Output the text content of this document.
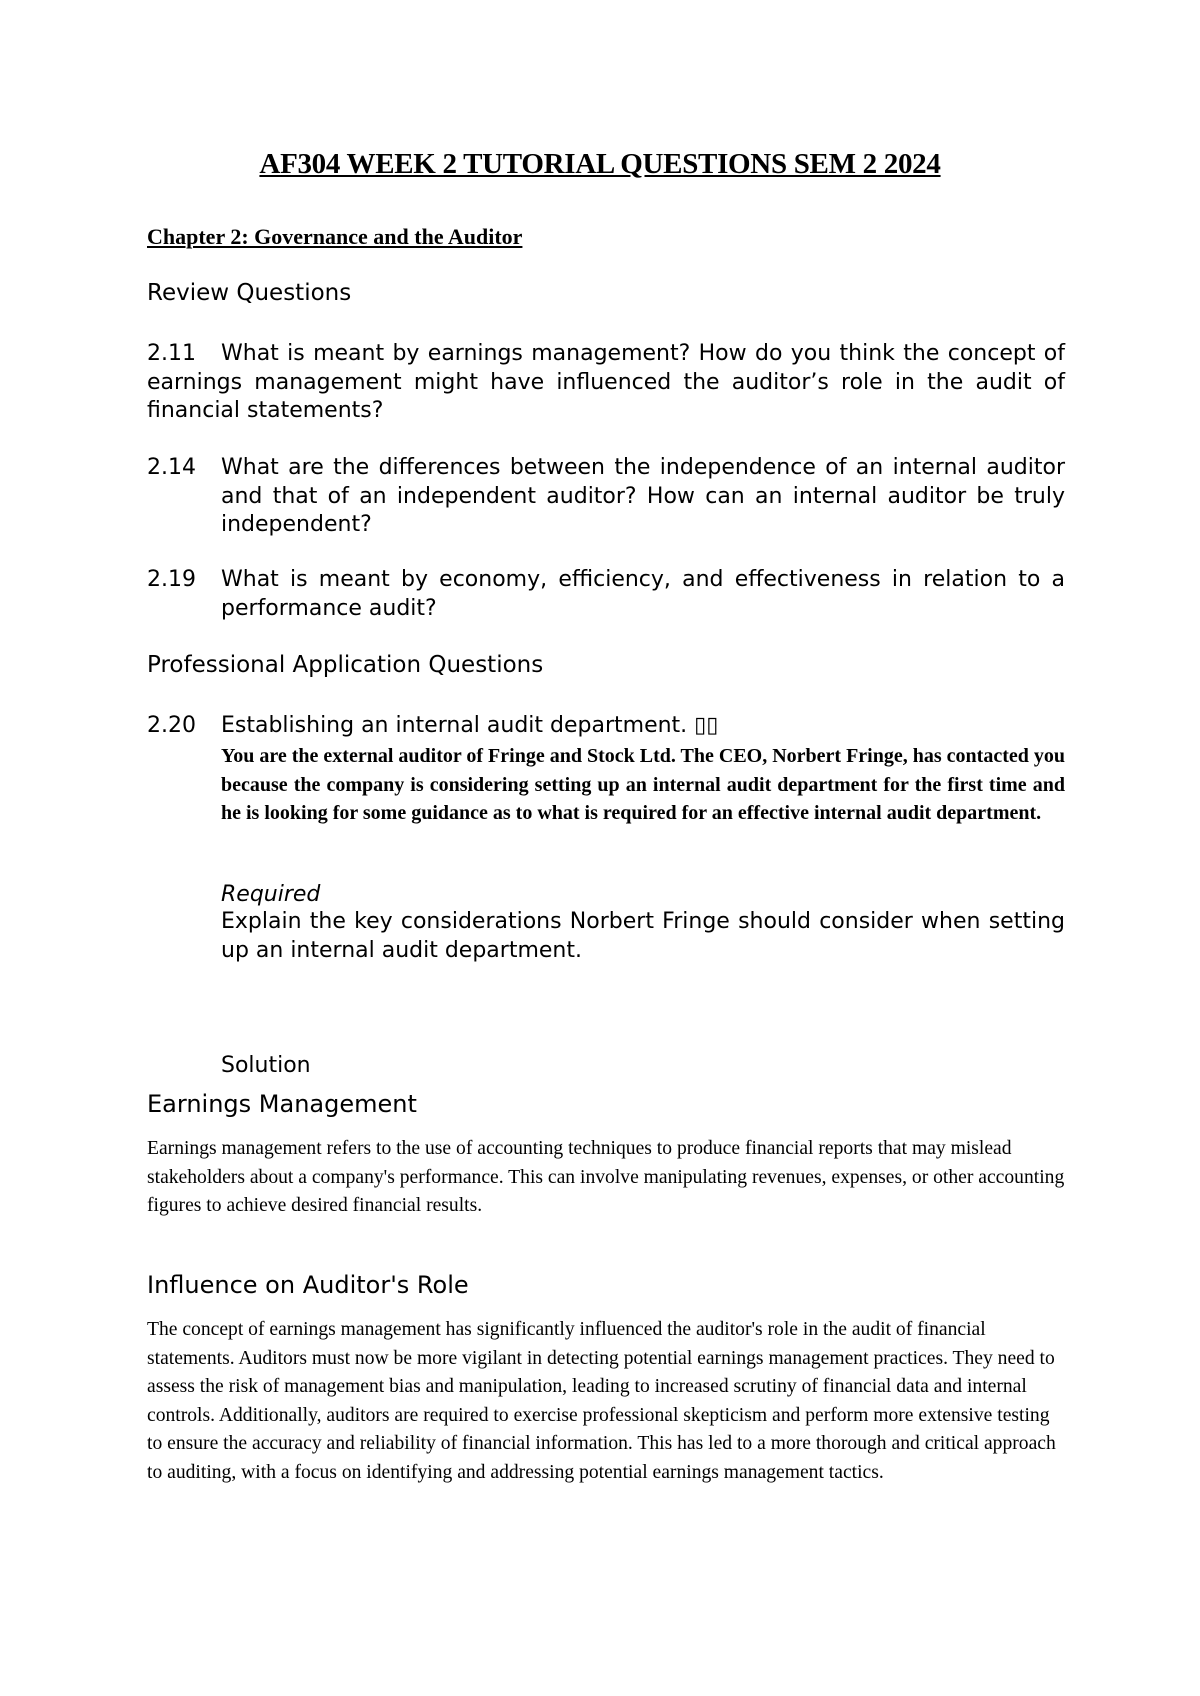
AF304 WEEK 2 TUTORIAL QUESTIONS SEM 2 2024
Chapter 2: Governance and the Auditor
Review Questions
2.11 What is meant by earnings management? How do you think the concept of earnings management might have influenced the auditor’s role in the audit of financial statements?
2.14 What are the differences between the independence of an internal auditor and that of an independent auditor? How can an internal auditor be truly independent?
2.19 What is meant by economy, efficiency, and effectiveness in relation to a performance audit?
Professional Application Questions
2.20 Establishing an internal audit department. ▯▯
You are the external auditor of Fringe and Stock Ltd. The CEO, Norbert Fringe, has contacted you because the company is considering setting up an internal audit department for the first time and he is looking for some guidance as to what is required for an effective internal audit department.
Required
Explain the key considerations Norbert Fringe should consider when setting up an internal audit department.
Solution
Earnings Management
Earnings management refers to the use of accounting techniques to produce financial reports that may mislead stakeholders about a company's performance. This can involve manipulating revenues, expenses, or other accounting figures to achieve desired financial results.
Influence on Auditor's Role
The concept of earnings management has significantly influenced the auditor's role in the audit of financial statements. Auditors must now be more vigilant in detecting potential earnings management practices. They need to assess the risk of management bias and manipulation, leading to increased scrutiny of financial data and internal controls. Additionally, auditors are required to exercise professional skepticism and perform more extensive testing to ensure the accuracy and reliability of financial information. This has led to a more thorough and critical approach to auditing, with a focus on identifying and addressing potential earnings management tactics.
